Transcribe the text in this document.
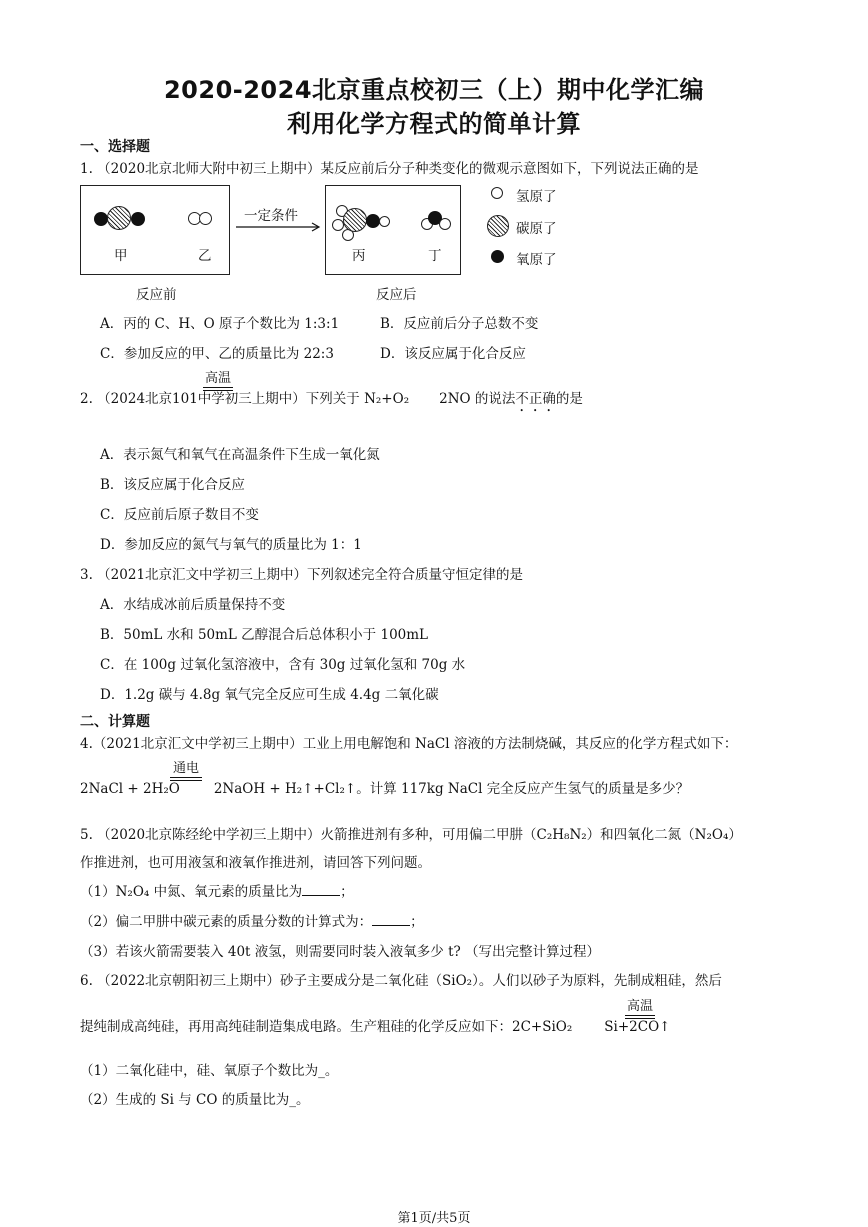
2020-2024北京重点校初三（上）期中化学汇编
利用化学方程式的简单计算
一、选择题
1. （2020北京北师大附中初三上期中）某反应前后分子种类变化的微观示意图如下，下列说法正确的是
甲	乙
一定条件
丙	丁
反应前	反应后
氢原了
碳原了
氧原了
A．丙的 C、H、O 原子个数比为 1:3:1	B．反应前后分子总数不变
C．参加反应的甲、乙的质量比为 22:3	D．该反应属于化合反应
2. （2024北京101中学初三上期中）下列关于 N₂+O₂ 2NO 的说法不正确的是
高温
A．表示氮气和氧气在高温条件下生成一氧化氮
B．该反应属于化合反应
C．反应前后原子数目不变
D．参加反应的氮气与氧气的质量比为 1：1
3. （2021北京汇文中学初三上期中）下列叙述完全符合质量守恒定律的是
A．水结成冰前后质量保持不变
B．50mL 水和 50mL 乙醇混合后总体积小于 100mL
C．在 100g 过氧化氢溶液中，含有 30g 过氧化氢和 70g 水
D．1.2g 碳与 4.8g 氧气完全反应可生成 4.4g 二氧化碳
二、计算题
4.（2021北京汇文中学初三上期中）工业上用电解饱和 NaCl 溶液的方法制烧碱，其反应的化学方程式如下：
2NaCl + 2H₂O	2NaOH + H₂↑+Cl₂↑。计算 117kg NaCl 完全反应产生氢气的质量是多少？
通电
5. （2020北京陈经纶中学初三上期中）火箭推进剂有多种，可用偏二甲肼（C₂H₈N₂）和四氧化二氮（N₂O₄）
作推进剂，也可用液氢和液氧作推进剂，请回答下列问题。
（1）N₂O₄ 中氮、氧元素的质量比为	；
（2）偏二甲肼中碳元素的质量分数的计算式为：	；
（3）若该火箭需要装入 40t 液氢，则需要同时装入液氧多少 t? （写出完整计算过程）
6. （2022北京朝阳初三上期中）砂子主要成分是二氧化硅（SiO₂）。人们以砂子为原料，先制成粗硅，然后
提纯制成高纯硅，再用高纯硅制造集成电路。生产粗硅的化学反应如下：2C+SiO₂ Si+2CO↑
高温
（1）二氧化硅中，硅、氧原子个数比为_。
（2）生成的 Si 与 CO 的质量比为_。
第1页/共5页
